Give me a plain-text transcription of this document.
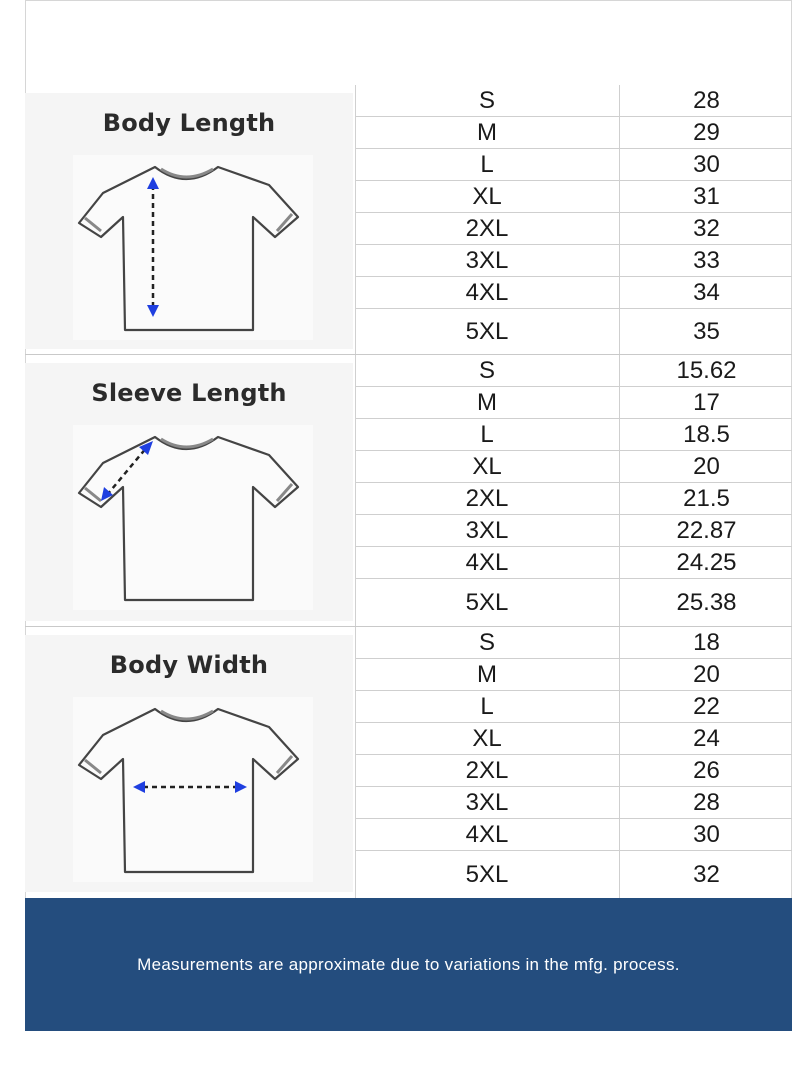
Body Length
S	28
M	29
L	30
XL	31
2XL	32
3XL	33
4XL	34
5XL	35
Sleeve Length
S	15.62
M	17
L	18.5
XL	20
2XL	21.5
3XL	22.87
4XL	24.25
5XL	25.38
Body Width
S	18
M	20
L	22
XL	24
2XL	26
3XL	28
4XL	30
5XL	32
Measurements are approximate due to variations in the mfg. process.
